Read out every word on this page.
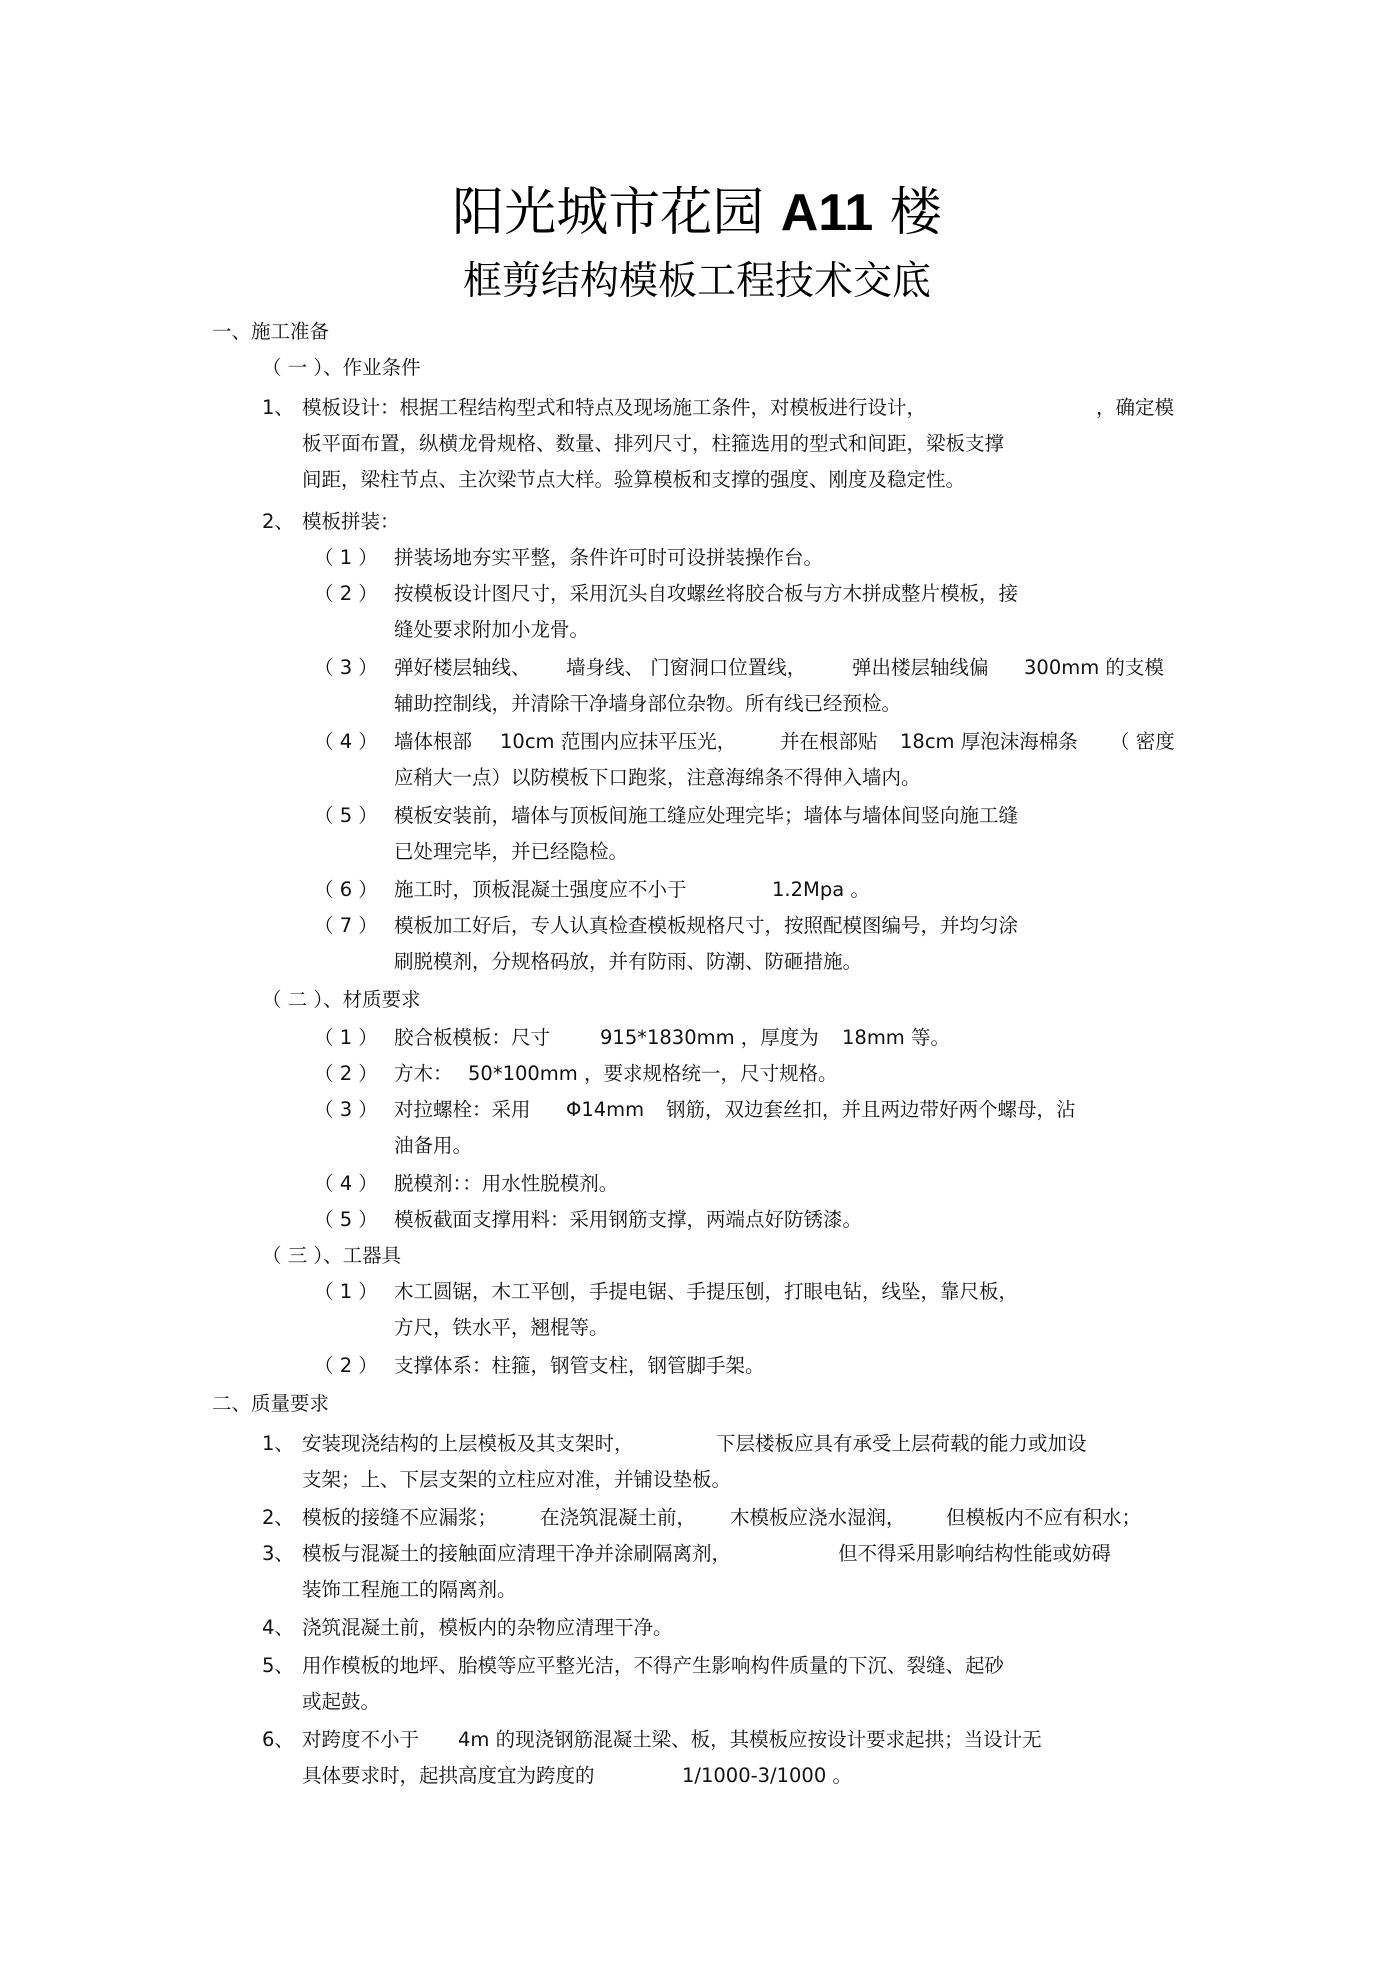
阳光城市花园 A11 楼
框剪结构模板工程技术交底
一、施工准备
（ 一 ）、作业条件
1、 模板设计：根据工程结构型式和特点及现场施工条件，对模板进行设计，	，确定模
板平面布置，纵横龙骨规格、数量、排列尺寸，柱箍选用的型式和间距，梁板支撑
间距，梁柱节点、主次梁节点大样。验算模板和支撑的强度、刚度及稳定性。
2、 模板拼装：
（ 1 ） 拼装场地夯实平整，条件许可时可设拼装操作台。
（ 2 ） 按模板设计图尺寸，采用沉头自攻螺丝将胶合板与方木拼成整片模板，接
缝处要求附加小龙骨。
（ 3 ） 弹好楼层轴线、 墙身线、 门窗洞口位置线， 弹出楼层轴线偏 300mm 的支模
辅助控制线，并清除干净墙身部位杂物。所有线已经预检。
（ 4 ） 墙体根部 10cm 范围内应抹平压光， 并在根部贴 18cm 厚泡沫海棉条 （ 密度
应稍大一点）以防模板下口跑浆，注意海绵条不得伸入墙内。
（ 5 ） 模板安装前，墙体与顶板间施工缝应处理完毕；墙体与墙体间竖向施工缝
已处理完毕，并已经隐检。
（ 6 ） 施工时，顶板混凝土强度应不小于	1.2Mpa 。
（ 7 ） 模板加工好后，专人认真检查模板规格尺寸，按照配模图编号，并均匀涂
刷脱模剂，分规格码放，并有防雨、防潮、防砸措施。
（ 二 ）、材质要求
（ 1 ） 胶合板模板：尺寸	915*1830mm ，厚度为 18mm 等。
（ 2 ） 方木： 50*100mm ，要求规格统一，尺寸规格。
（ 3 ） 对拉螺栓：采用 Φ14mm 钢筋，双边套丝扣，并且两边带好两个螺母，沾
油备用。
（ 4 ） 脱模剂：：用水性脱模剂。
（ 5 ） 模板截面支撑用料：采用钢筋支撑，两端点好防锈漆。
（ 三 ）、工器具
（ 1 ） 木工圆锯，木工平刨，手提电锯、手提压刨，打眼电钻，线坠，靠尺板，
方尺，铁水平，翘棍等。
（ 2 ） 支撑体系：柱箍，钢管支柱，钢管脚手架。
二、质量要求
1、 安装现浇结构的上层模板及其支架时，	下层楼板应具有承受上层荷载的能力或加设
支架；上、下层支架的立柱应对准，并铺设垫板。
2、 模板的接缝不应漏浆； 在浇筑混凝土前， 木模板应浇水湿润， 但模板内不应有积水；
3、 模板与混凝土的接触面应清理干净并涂刷隔离剂，	但不得采用影响结构性能或妨碍
装饰工程施工的隔离剂。
4、 浇筑混凝土前，模板内的杂物应清理干净。
5、 用作模板的地坪、胎模等应平整光洁，不得产生影响构件质量的下沉、裂缝、起砂
或起鼓。
6、 对跨度不小于 4m 的现浇钢筋混凝土梁、板，其模板应按设计要求起拱；当设计无
具体要求时，起拱高度宜为跨度的	1/1000-3/1000 。
